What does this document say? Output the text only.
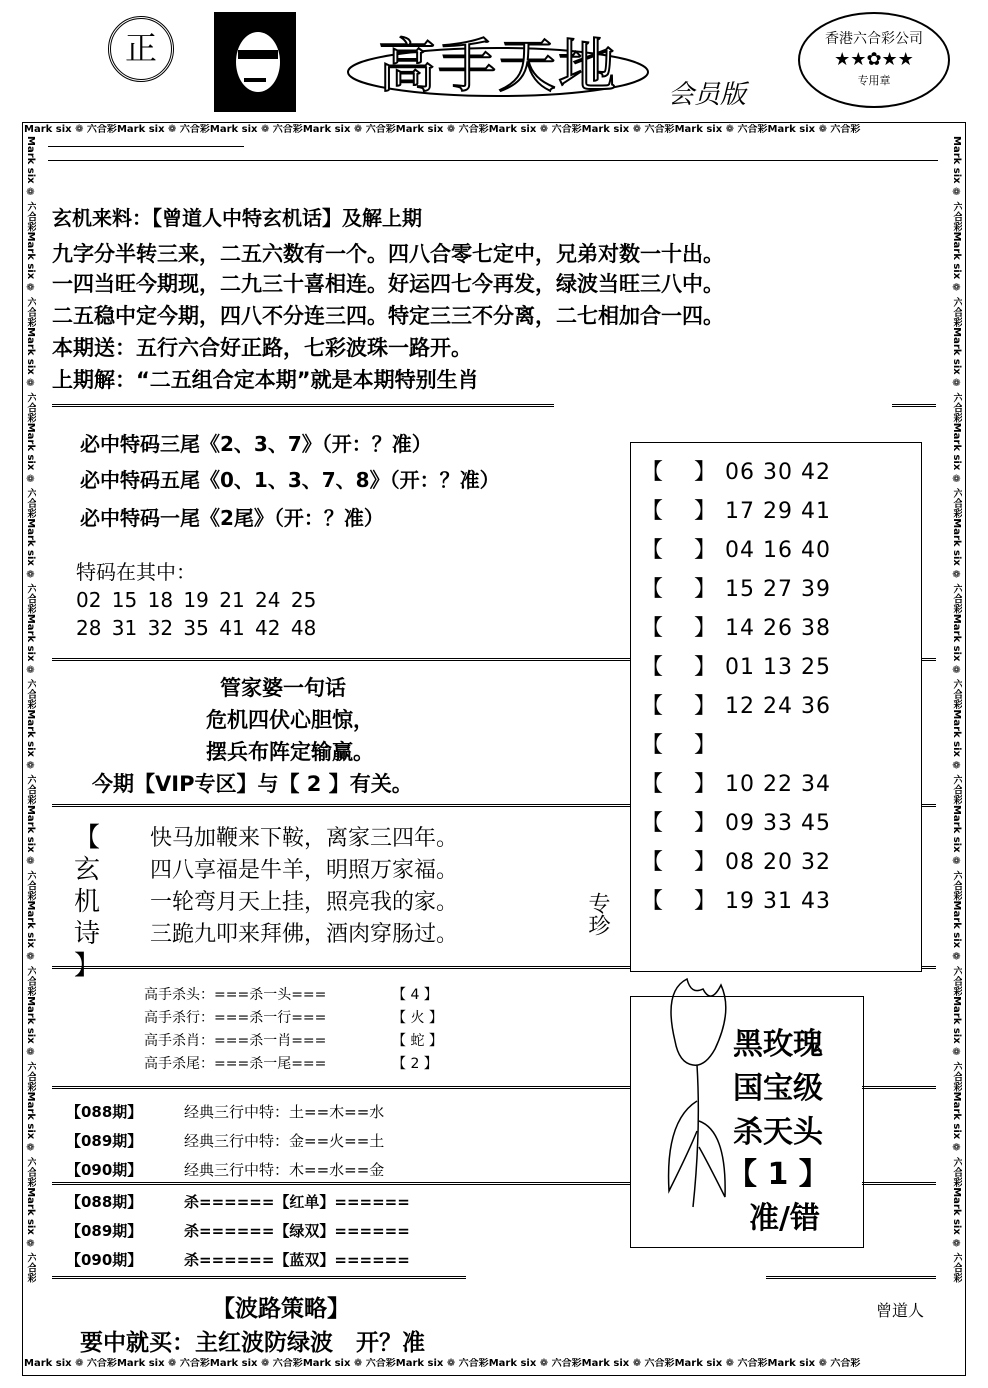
正	高手天地 会员版
香港六合彩公司
★★✿★★
专用章
Mark six ❁ 六合彩Mark six ❁ 六合彩Mark six ❁ 六合彩Mark six ❁ 六合彩Mark six ❁ 六合彩Mark six ❁ 六合彩Mark six ❁ 六合彩Mark six ❁ 六合彩Mark six ❁ 六合彩
Mark six ❁ 六合彩Mark six ❁ 六合彩Mark six ❁ 六合彩Mark six ❁ 六合彩Mark six ❁ 六合彩Mark six ❁ 六合彩Mark six ❁ 六合彩Mark six ❁ 六合彩Mark six ❁ 六合彩
Mark six ❁ 六合彩Mark six ❁ 六合彩Mark six ❁ 六合彩Mark six ❁ 六合彩Mark six ❁ 六合彩Mark six ❁ 六合彩Mark six ❁ 六合彩Mark six ❁ 六合彩Mark six ❁ 六合彩Mark six ❁ 六合彩Mark six ❁ 六合彩Mark six ❁ 六合彩
Mark six ❁ 六合彩Mark six ❁ 六合彩Mark six ❁ 六合彩Mark six ❁ 六合彩Mark six ❁ 六合彩Mark six ❁ 六合彩Mark six ❁ 六合彩Mark six ❁ 六合彩Mark six ❁ 六合彩Mark six ❁ 六合彩Mark six ❁ 六合彩Mark six ❁ 六合彩
玄机来料：【曾道人中特玄机话】及解上期
九字分半转三来，二五六数有一个。四八合零七定中，兄弟对数一十出。
一四当旺今期现，二九三十喜相连。好运四七今再发，绿波当旺三八中。
二五稳中定今期，四八不分连三四。特定三三不分离，二七相加合一四。
本期送：五行六合好正路，七彩波珠一路开。
上期解：“二五组合定本期”就是本期特别生肖
必中特码三尾《2、3、7》（开：？准）
必中特码五尾《0、1、3、7、8》（开：？准）
必中特码一尾《2尾》（开：？准）
特码在其中：
02 15 18 19 21 24 25
28 31 32 35 41 42 48
【 】 06 30 42
【 】 17 29 41
【 】 04 16 40
【 】 15 27 39
【 】 14 26 38
【 】 01 13 25
【 】 12 24 36
【 】
【 】 10 22 34
【 】 09 33 45
【 】 08 20 32
【 】 19 31 43
专珍
管家婆一句话
危机四伏心胆惊，
摆兵布阵定输赢。
今期【VIP专区】与【 2 】有关。
【
玄
机
诗
】
快马加鞭来下鞍，离家三四年。
四八享福是牛羊，明照万家福。
一轮弯月天上挂，照亮我的家。
三跪九叩来拜佛，酒肉穿肠过。
高手杀头：===杀一头===	【 4 】
高手杀行：===杀一行===	【 火 】
高手杀肖：===杀一肖===	【 蛇 】
高手杀尾：===杀一尾===	【 2 】
黑玫瑰
国宝级
杀天头
【 1 】
准/错
【088期】	经典三行中特：土==木==水
【089期】	经典三行中特：金==火==土
【090期】	经典三行中特：木==水==金
【088期】	杀======【红单】======
【089期】	杀======【绿双】======
【090期】	杀======【蓝双】======
【波路策略】
要中就买：主红波防绿波　开？准
曾道人
